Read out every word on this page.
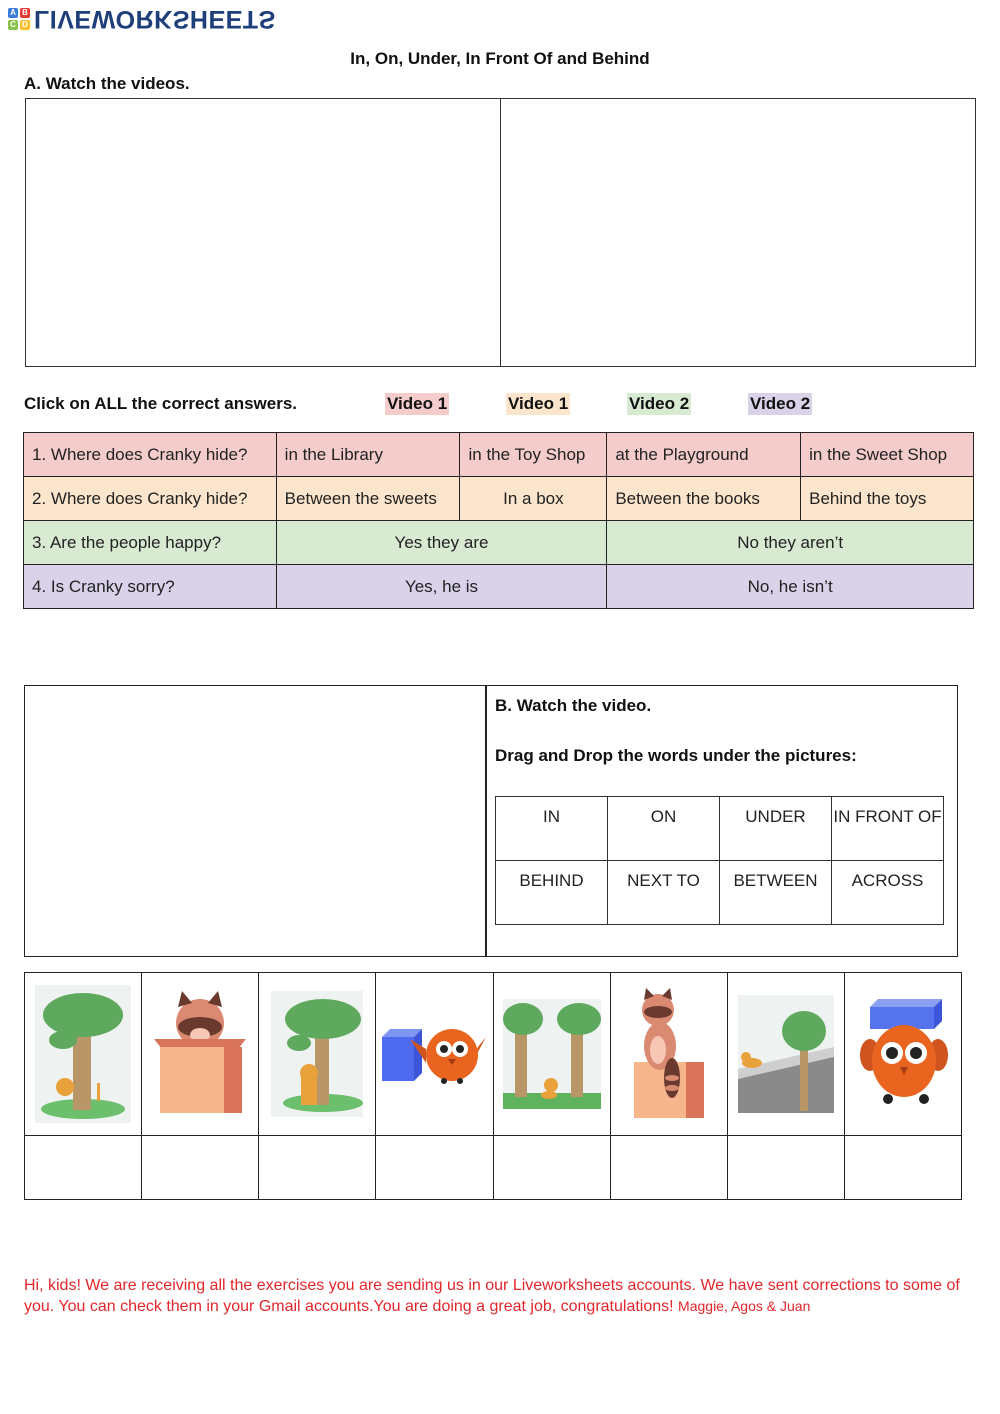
A B
C D LIVEWORKSHEETS
In, On, Under, In Front Of and Behind
A. Watch the videos.
Click on ALL the correct answers.	Video 1	Video 1	Video 2	Video 2
1. Where does Cranky hide?	in the Library	in the Toy Shop	at the Playground	in the Sweet Shop
2. Where does Cranky hide?	Between the sweets	In a box	Between the books	Behind the toys
3. Are the people happy?	Yes they are		No they aren’t	
4. Is Cranky sorry?	Yes, he is		No, he isn’t	
B. Watch the video.
Drag and Drop the words under the pictures:
IN	ON	UNDER	IN FRONT OF
BEHIND	NEXT TO	BETWEEN	ACROSS

Hi, kids! We are receiving all the exercises you are sending us in our Liveworksheets accounts. We have sent corrections to some of you. You can check them in your Gmail accounts.You are doing a great job, congratulations! Maggie, Agos & Juan
